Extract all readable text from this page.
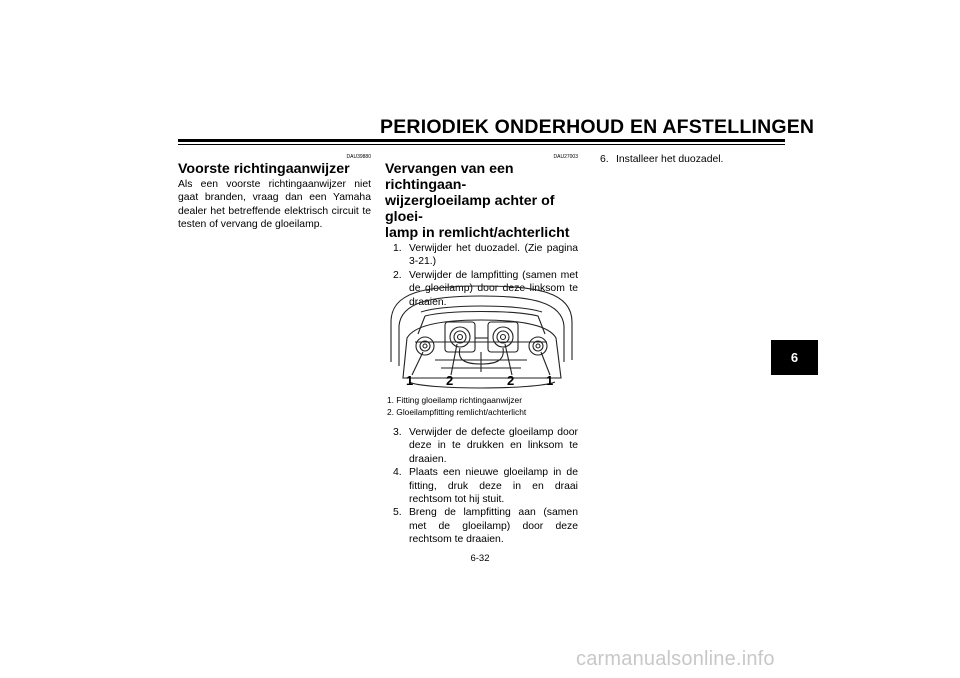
PERIODIEK ONDERHOUD EN AFSTELLINGEN
DAU39880
Voorste richtingaanwijzer
Als een voorste richtingaanwijzer niet gaat branden, vraag dan een Yamaha dealer het betreffende elektrisch circuit te testen of vervang de gloeilamp.
DAU27003
Vervangen van een richtingaan-
wijzergloeilamp achter of gloei-
lamp in remlicht/achterlicht
1. Verwijder het duozadel. (Zie pagina 3-21.)
2. Verwijder de lampfitting (samen met de gloeilamp) door deze linksom te draaien.
1	2	2 1
1. Fitting gloeilamp richtingaanwijzer
2. Gloeilampfitting remlicht/achterlicht
3. Verwijder de defecte gloeilamp door deze in te drukken en linksom te draaien.
4. Plaats een nieuwe gloeilamp in de fitting, druk deze in en draai rechtsom tot hij stuit.
5. Breng de lampfitting aan (samen met de gloeilamp) door deze rechtsom te draaien.
6. Installeer het duozadel.
6
6-32
carmanualsonline.info
